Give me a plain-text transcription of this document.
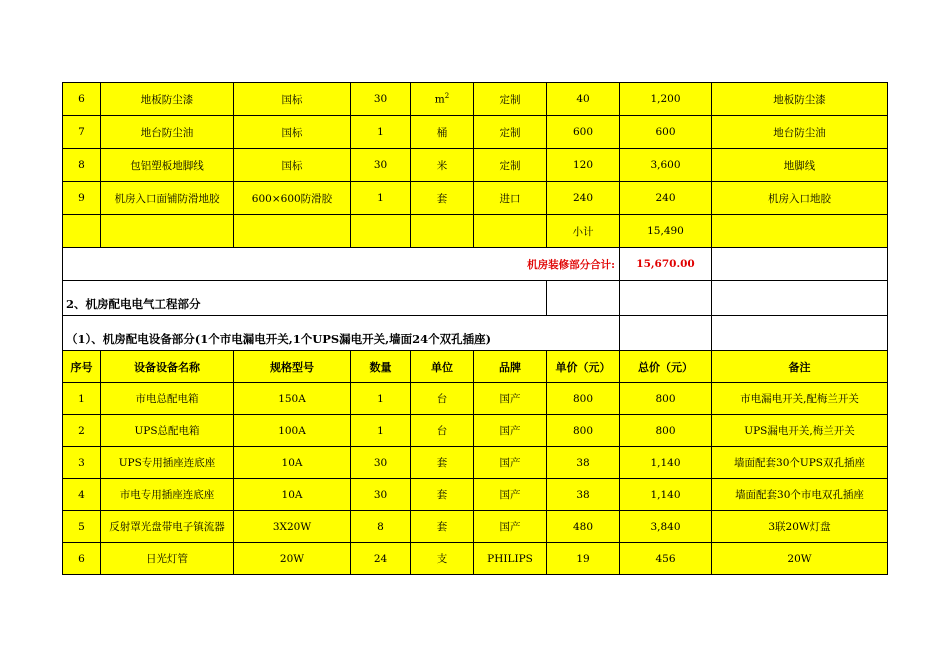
6	地板防尘漆	国标	30	$m^2$	定制	40	1,200	地板防尘漆
7	地台防尘油	国标	1	桶	定制	600	600	地台防尘油
8	包铝塑板地脚线	国标	30	米	定制	120	3,600	地脚线
9	机房入口面铺防滑地胶	600×600防滑胶	1	套	进口	240	240	机房入口地胶
						小计	15,490	
机房装修部分合计:							15,670.00	
2、机房配电电气工程部分								
（1）、机房配电设备部分(1个市电漏电开关,1个UPS漏电开关,墙面24个双孔插座)								
序号	设备设备名称	规格型号	数量	单位	品牌	单价（元）	总价（元）	备注
1	市电总配电箱	150A	1	台	国产	800	800	市电漏电开关,配梅兰开关
2	UPS总配电箱	100A	1	台	国产	800	800	UPS漏电开关,梅兰开关
3	UPS专用插座连底座	10A	30	套	国产	38	1,140	墙面配套30个UPS双孔插座
4	市电专用插座连底座	10A	30	套	国产	38	1,140	墙面配套30个市电双孔插座
5	反射罩光盘带电子镇流器	3X20W	8	套	国产	480	3,840	3联20W灯盘
6	日光灯管	20W	24	支	PHILIPS	19	456	20W
